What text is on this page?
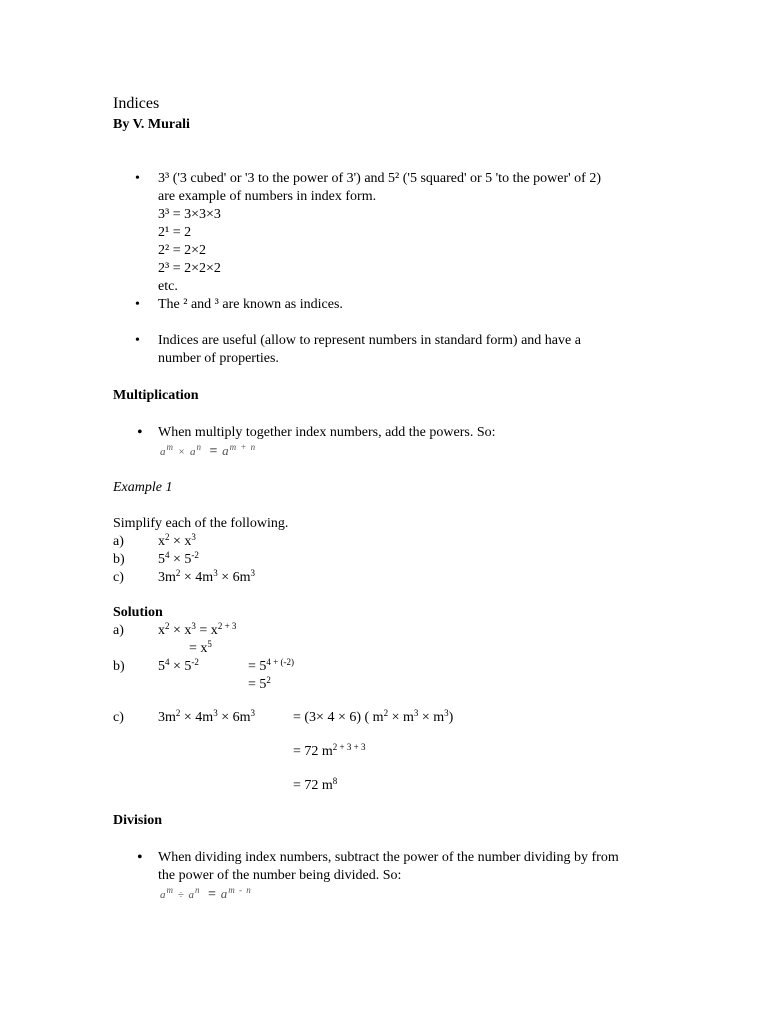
Indices
By V. Murali
• 3³ ('3 cubed' or '3 to the power of 3') and 5² ('5 squared' or 5 'to the power' of 2)
are example of numbers in index form.
3³ = 3×3×3
2¹ = 2
2² = 2×2
2³ = 2×2×2
etc.
• The ² and ³ are known as indices.
• Indices are useful (allow to represent numbers in standard form) and have a
number of properties.
Multiplication
• When multiply together index numbers, add the powers. So:
$a^m \times a^n = a^{m + n}$
Example 1
Simplify each of the following.
a) $x^2 \times x^3$
b) $5^4 \times 5^{-2}$
c) $3m^2 \times 4m^3 \times 6m^3$
Solution
a) $x^2 \times x^3 = x^{2 + 3}$
= $x^5$
b) $5^4 \times 5^{-2}$	= $5^{4 + (-2)}$
= $5^2$
c) $3m^2 \times 4m^3 \times 6m^3$	= (3× 4 × 6) ( $m^2 \times m^3 \times m^3$)
= 72 $m^{2 + 3 + 3}$
= 72 $m^8$
Division
• When dividing index numbers, subtract the power of the number dividing by from
the power of the number being divided. So:
$a^m \div a^n = a^{m - n}$
